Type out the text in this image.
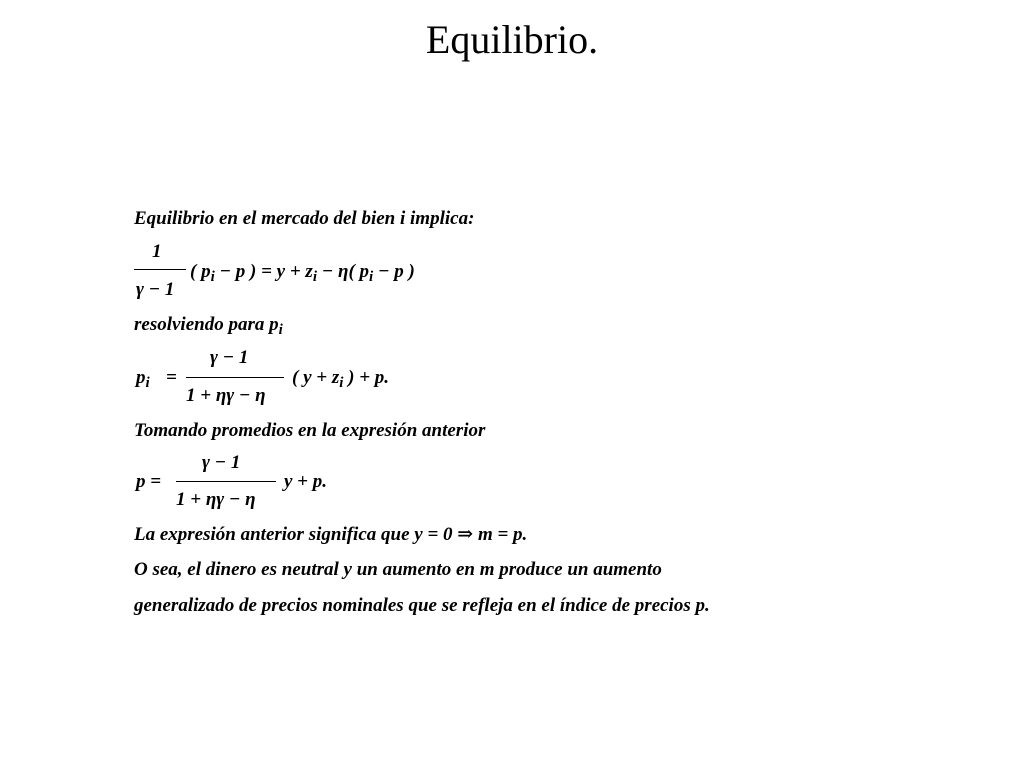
Equilibrio.
Equilibrio en el mercado del bien i implica:
1
γ − 1
( $p_i - p$ ) = $y + z_i - \eta$( $p_i - p$ )
resolviendo para $p_i$
$p_i$ =
γ − 1
1 + ηγ − η
( $y + z_i$ ) + p.
Tomando promedios en la expresión anterior
p =
γ − 1
1 + ηγ − η
y + p.
La expresión anterior significa que y = 0 ⇒ m = p.
O sea, el dinero es neutral y un aumento en m produce un aumento
generalizado de precios nominales que se refleja en el índice de precios p.
